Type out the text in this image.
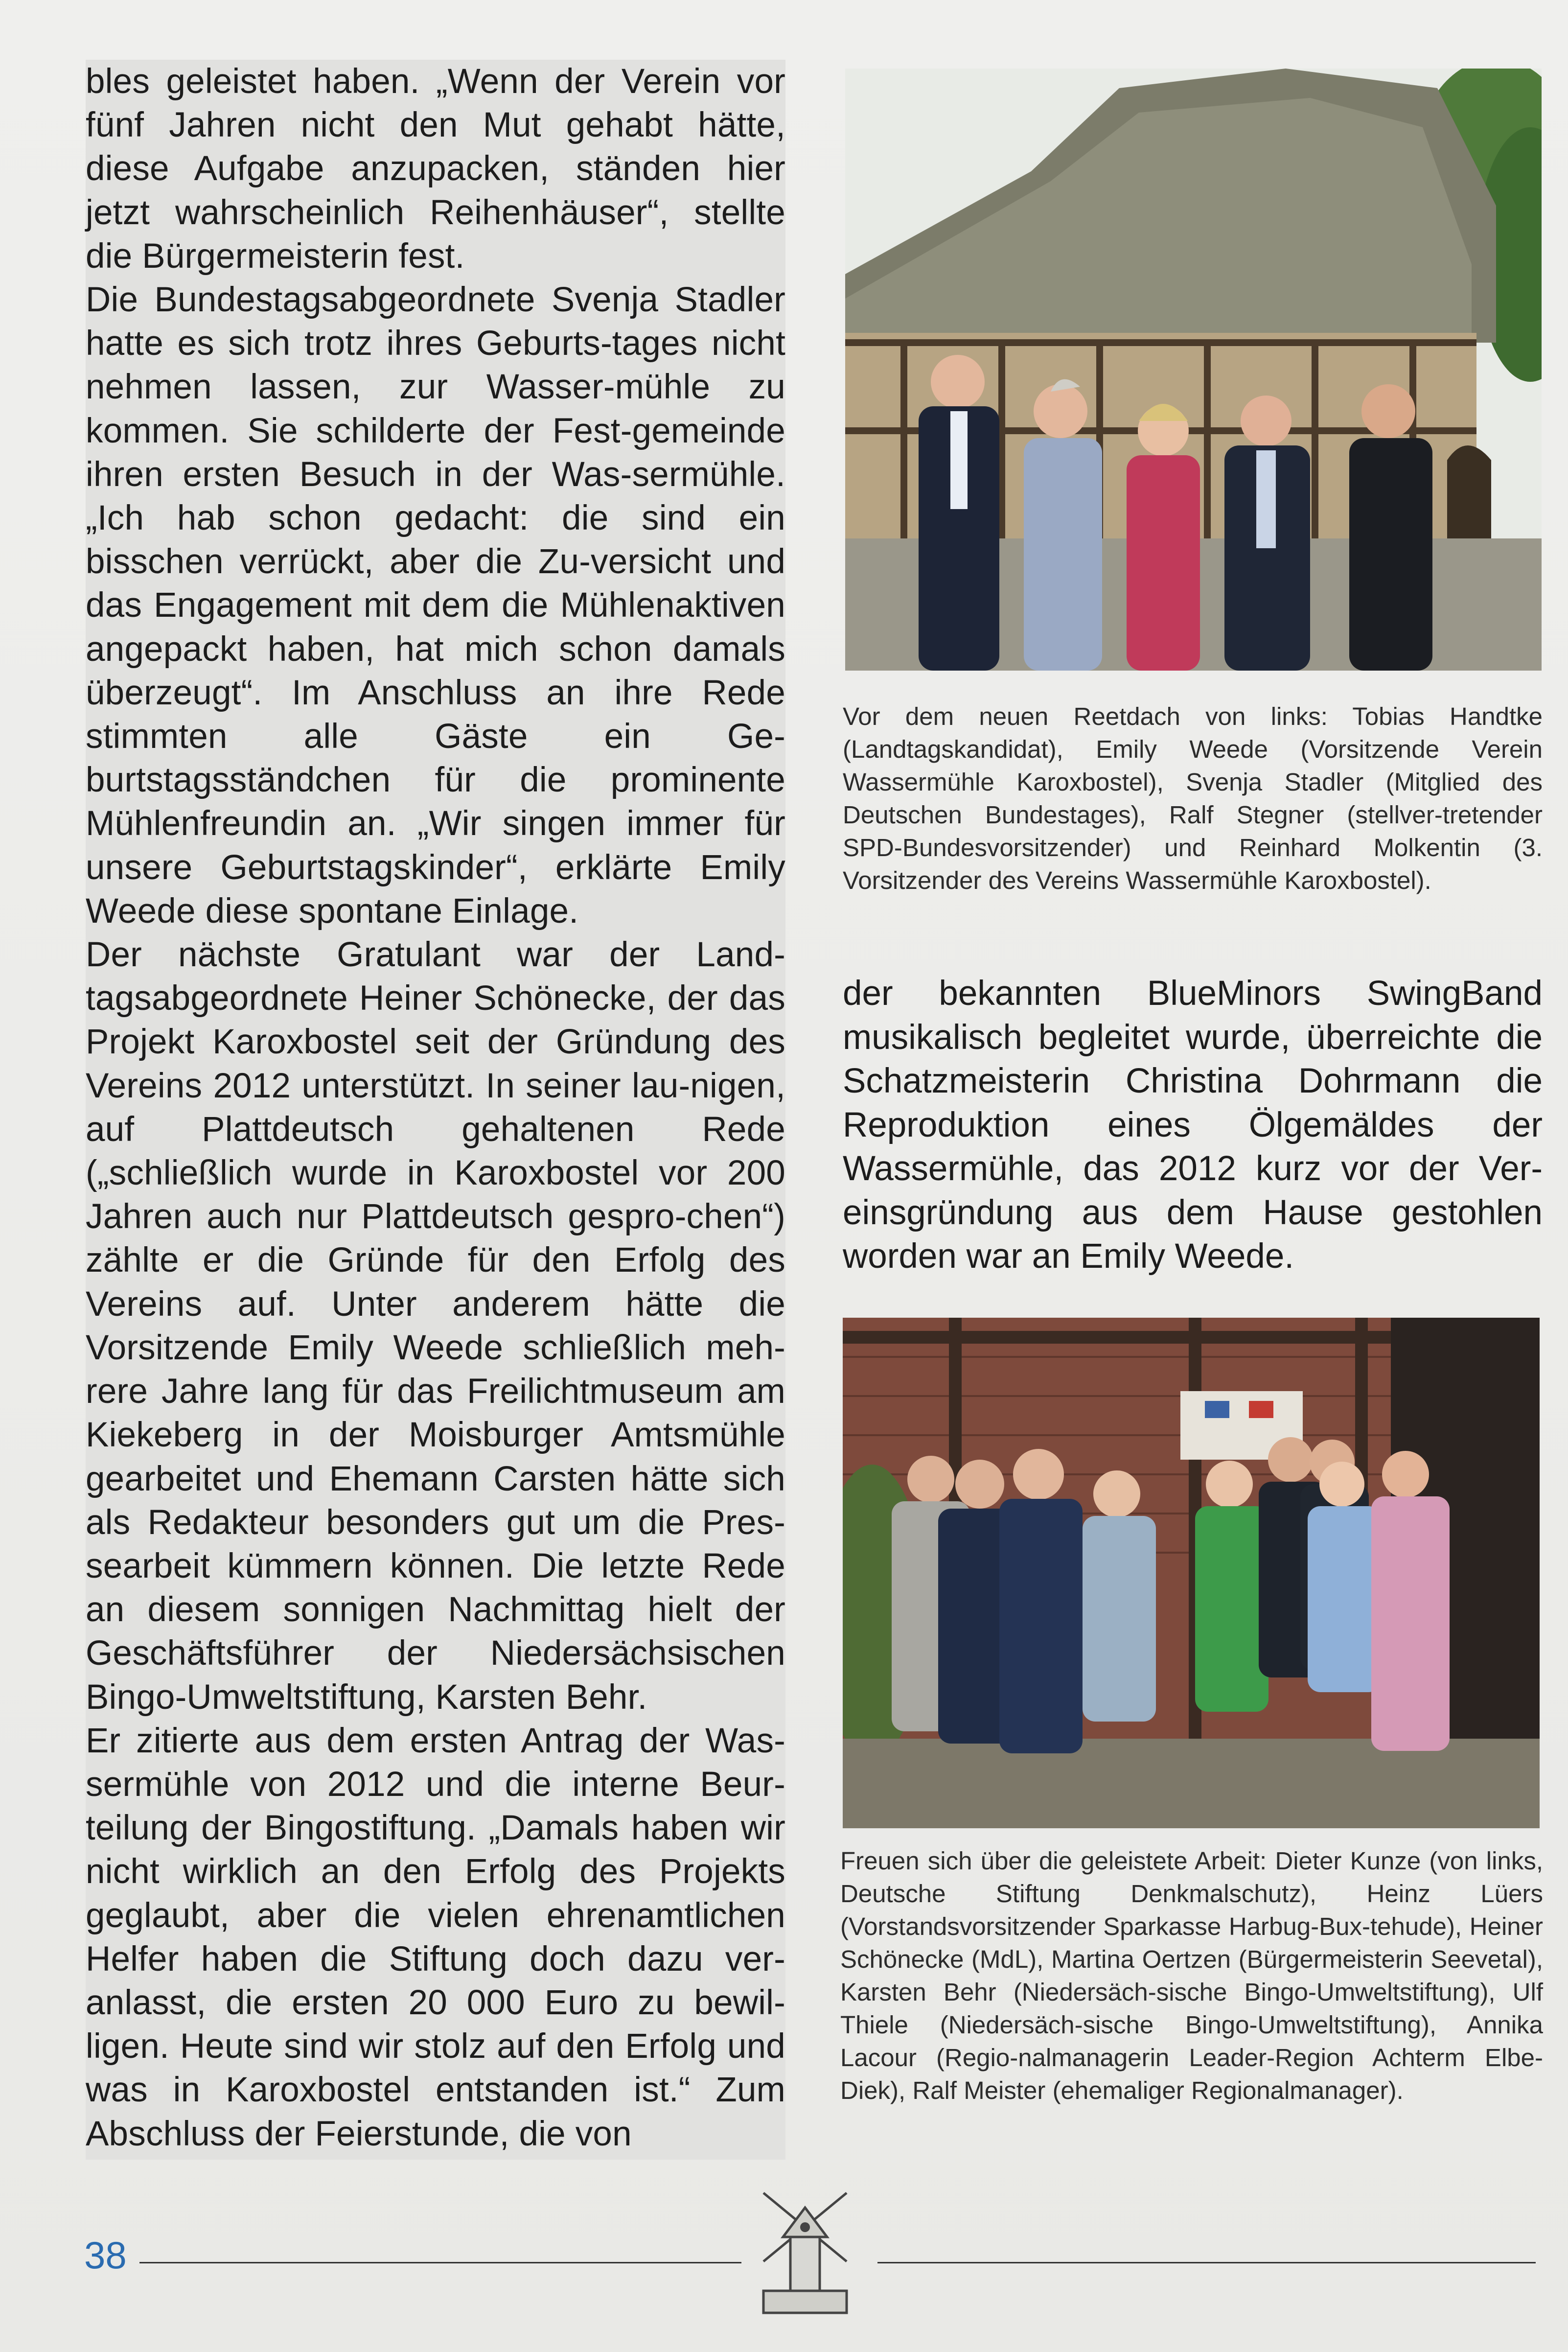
bles geleistet haben. „Wenn der Verein vor fünf Jahren nicht den Mut gehabt hätte, diese Aufgabe anzupacken, ständen hier jetzt wahrscheinlich Reihenhäuser“, stellte die Bürgermeisterin fest.

Die Bundestagsabgeordnete Svenja Stadler hatte es sich trotz ihres Geburts-tages nicht nehmen lassen, zur Wasser-mühle zu kommen. Sie schilderte der Fest-gemeinde ihren ersten Besuch in der Was-sermühle. „Ich hab schon gedacht: die sind ein bisschen verrückt, aber die Zu-versicht und das Engagement mit dem die Mühlenaktiven angepackt haben, hat mich schon damals überzeugt“. Im Anschluss an ihre Rede stimmten alle Gäste ein Ge-burtstagsständchen für die prominente Mühlenfreundin an. „Wir singen immer für unsere Geburtstagskinder“, erklärte Emily Weede diese spontane Einlage.

Der nächste Gratulant war der Land-tagsabgeordnete Heiner Schönecke, der das Projekt Karoxbostel seit der Gründung des Vereins 2012 unterstützt. In seiner lau-nigen, auf Plattdeutsch gehaltenen Rede („schließlich wurde in Karoxbostel vor 200 Jahren auch nur Plattdeutsch gespro-chen“) zählte er die Gründe für den Erfolg des Vereins auf. Unter anderem hätte die Vorsitzende Emily Weede schließlich meh-rere Jahre lang für das Freilichtmuseum am Kiekeberg in der Moisburger Amtsmühle gearbeitet und Ehemann Carsten hätte sich als Redakteur besonders gut um die Pres-searbeit kümmern können. Die letzte Rede an diesem sonnigen Nachmittag hielt der Geschäftsführer der Niedersächsischen Bingo-Umweltstiftung, Karsten Behr.

Er zitierte aus dem ersten Antrag der Was-sermühle von 2012 und die interne Beur-teilung der Bingostiftung. „Damals haben wir nicht wirklich an den Erfolg des Projekts geglaubt, aber die vielen ehrenamtlichen Helfer haben die Stiftung doch dazu ver-anlasst, die ersten 20 000 Euro zu bewil-ligen. Heute sind wir stolz auf den Erfolg und was in Karoxbostel entstanden ist.“ Zum Abschluss der Feierstunde, die von

Vor dem neuen Reetdach von links: Tobias Handtke (Landtagskandidat), Emily Weede (Vorsitzende Verein Wassermühle Karoxbostel), Svenja Stadler (Mitglied des Deutschen Bundestages), Ralf Stegner (stellver-tretender SPD-Bundesvorsitzender) und Reinhard Molkentin (3. Vorsitzender des Vereins Wassermühle Karoxbostel).

der bekannten BlueMinors SwingBand musikalisch begleitet wurde, überreichte die Schatzmeisterin Christina Dohrmann die Reproduktion eines Ölgemäldes der Wassermühle, das 2012 kurz vor der Ver-einsgründung aus dem Hause gestohlen worden war an Emily Weede.

Freuen sich über die geleistete Arbeit: Dieter Kunze (von links, Deutsche Stiftung Denkmalschutz), Heinz Lüers (Vorstandsvorsitzender Sparkasse Harbug-Bux-tehude), Heiner Schönecke (MdL), Martina Oertzen (Bürgermeisterin Seevetal), Karsten Behr (Niedersäch-sische Bingo-Umweltstiftung), Ulf Thiele (Niedersäch-sische Bingo-Umweltstiftung), Annika Lacour (Regio-nalmanagerin Leader-Region Achterm Elbe-Diek), Ralf Meister (ehemaliger Regionalmanager).

38
